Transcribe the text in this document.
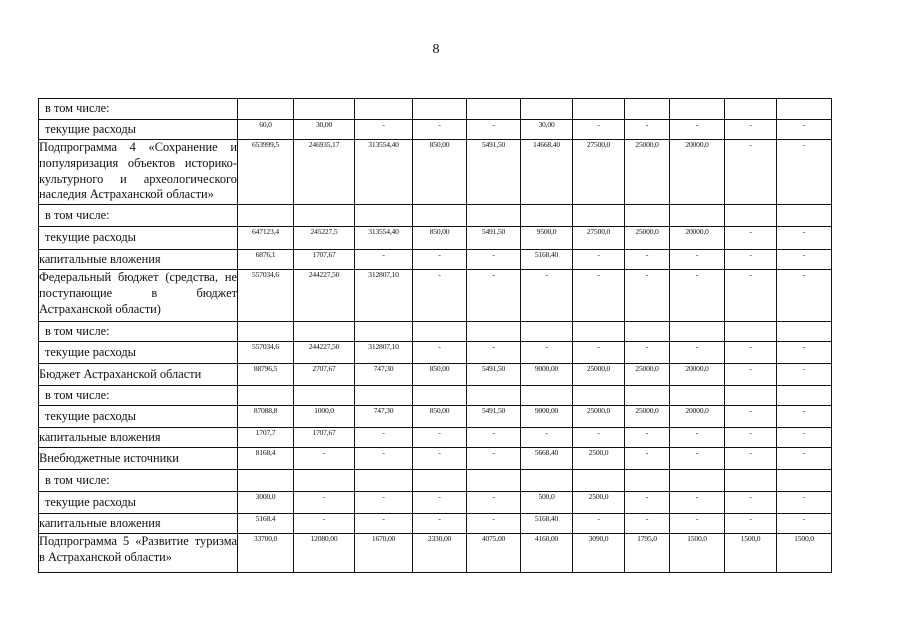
8
в том числе:											
текущие расходы	60,0	30,00	-	-	-	30,00	-	-	-	-	-
Подпрограмма 4 «Сохранение и популяризация объектов историко-культурного и археологического наследия Астраханской области»	653999,5	246935,17	313554,40	850,00	5491,50	14668,40	27500,0	25000,0	20000,0	-	-
в том числе:											
текущие расходы	647123,4	245227,5	313554,40	850,00	5491,50	9500,0	27500,0	25000,0	20000,0	-	-
капитальные вложения	6876,1	1707,67	-	-	-	5168,40	-	-	-	-	-
Федеральный бюджет (средства, не поступающие в бюджет Астраханской области)	557034,6	244227,50	312807,10	-	-	-	-	-	-	-	-
в том числе:											
текущие расходы	557034,6	244227,50	312807,10	-	-	-	-	-	-	-	-
Бюджет Астраханской области	88796,5	2707,67	747,30	850,00	5491,50	9000,00	25000,0	25000,0	20000,0	-	-
в том числе:											
текущие расходы	87088,8	1000,0	747,30	850,00	5491,50	9000,00	25000,0	25000,0	20000,0	-	-
капитальные вложения	1707,7	1707,67	-	-	-	-	-	-	-	-	-
Внебюджетные источники	8168,4	-	-	-	-	5668,40	2500,0	-	-	-	-
в том числе:											
текущие расходы	3000,0	-	-	-	-	500,0	2500,0	-	-	-	-
капитальные вложения	5168,4	-	-	-	-	5168,40	-	-	-	-	-
Подпрограмма 5 «Развитие туризма в Астраханской области»	33700,0	12080,00	1670,00	2330,00	4075,00	4160,00	3090,0	1795,0	1500,0	1500,0	1500,0
